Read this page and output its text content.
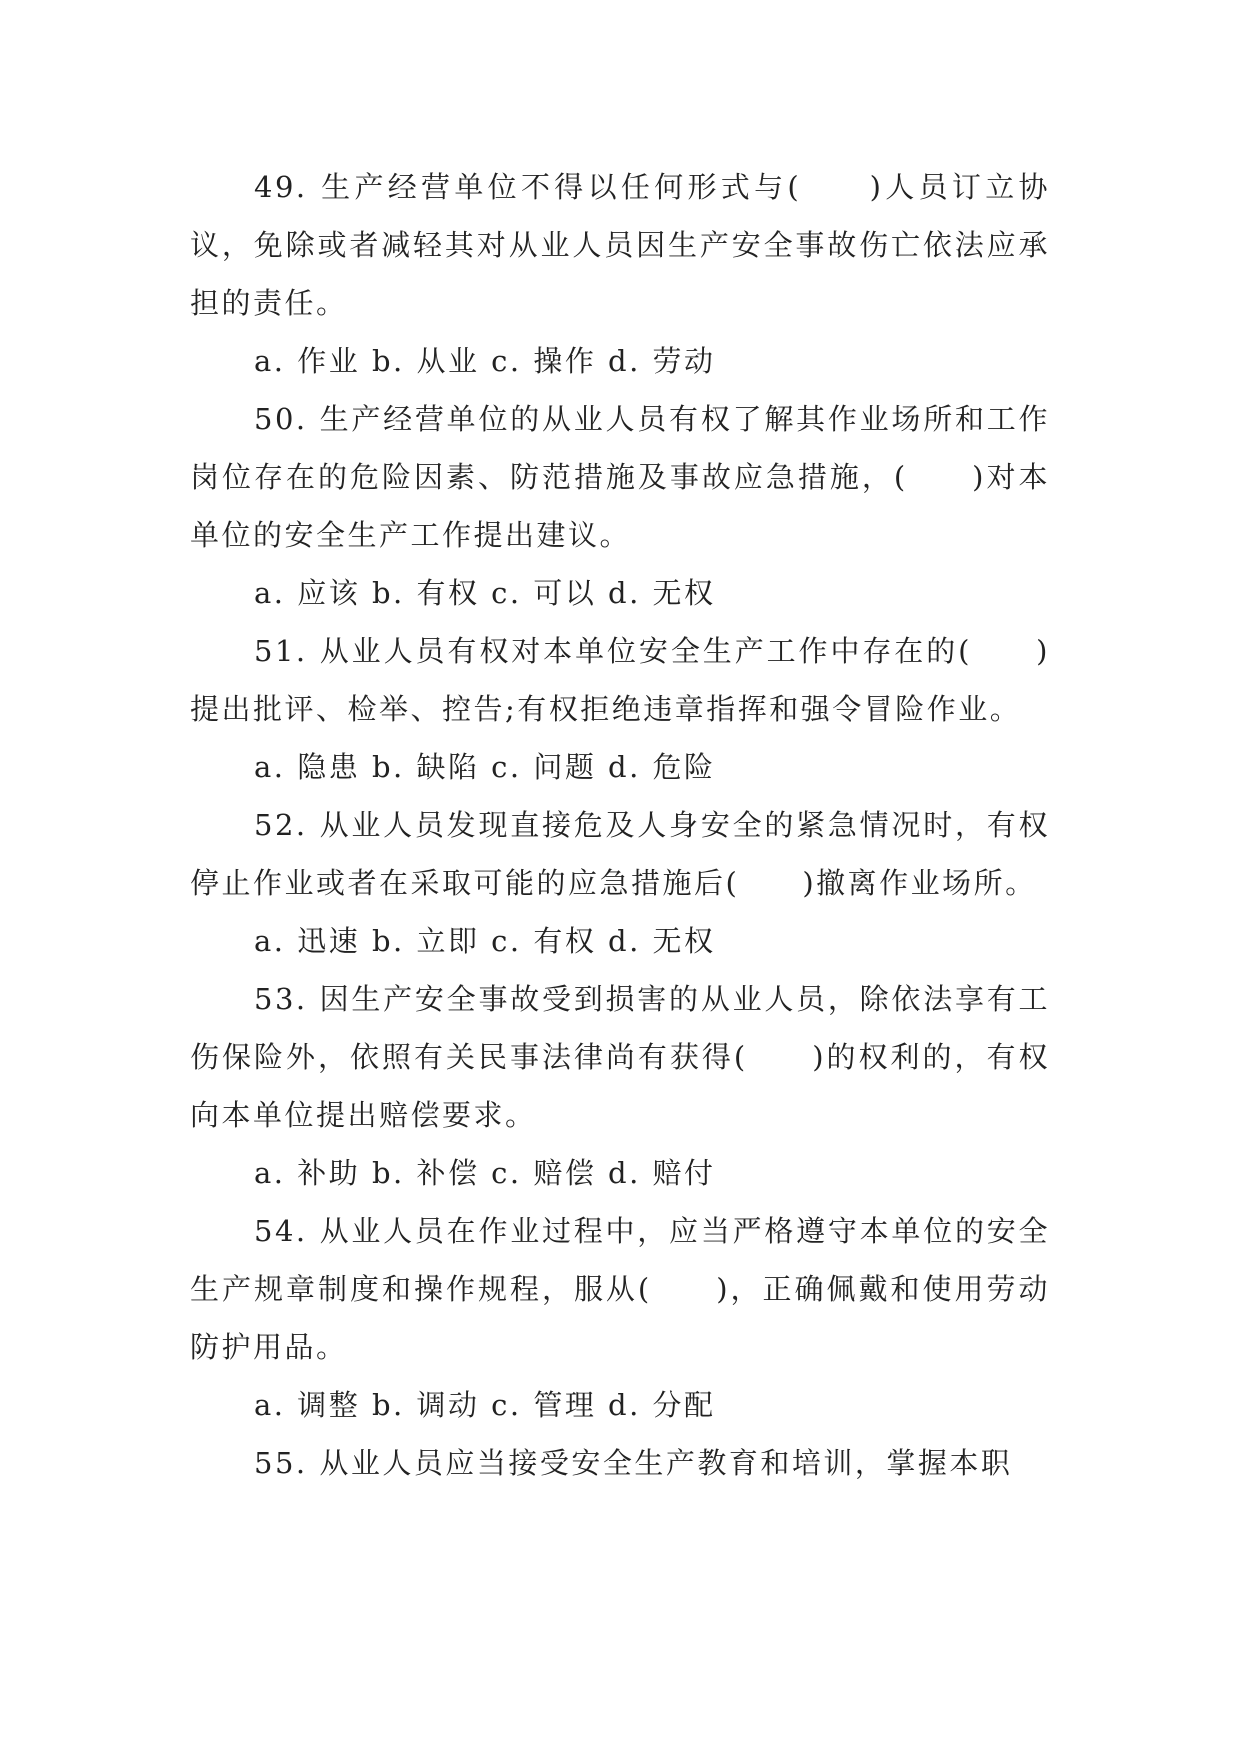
49. 生产经营单位不得以任何形式与(　　)人员订立协议，免除或者减轻其对从业人员因生产安全事故伤亡依法应承担的责任。

a. 作业 b. 从业 c. 操作 d. 劳动

50. 生产经营单位的从业人员有权了解其作业场所和工作岗位存在的危险因素、防范措施及事故应急措施，(　　)对本单位的安全生产工作提出建议。

a. 应该 b. 有权 c. 可以 d. 无权

51. 从业人员有权对本单位安全生产工作中存在的(　　)提出批评、检举、控告;有权拒绝违章指挥和强令冒险作业。

a. 隐患 b. 缺陷 c. 问题 d. 危险

52. 从业人员发现直接危及人身安全的紧急情况时，有权停止作业或者在采取可能的应急措施后(　　)撤离作业场所。

a. 迅速 b. 立即 c. 有权 d. 无权

53. 因生产安全事故受到损害的从业人员，除依法享有工伤保险外，依照有关民事法律尚有获得(　　)的权利的，有权向本单位提出赔偿要求。

a. 补助 b. 补偿 c. 赔偿 d. 赔付

54. 从业人员在作业过程中，应当严格遵守本单位的安全生产规章制度和操作规程，服从(　　)，正确佩戴和使用劳动防护用品。

a. 调整 b. 调动 c. 管理 d. 分配

55. 从业人员应当接受安全生产教育和培训，掌握本职
